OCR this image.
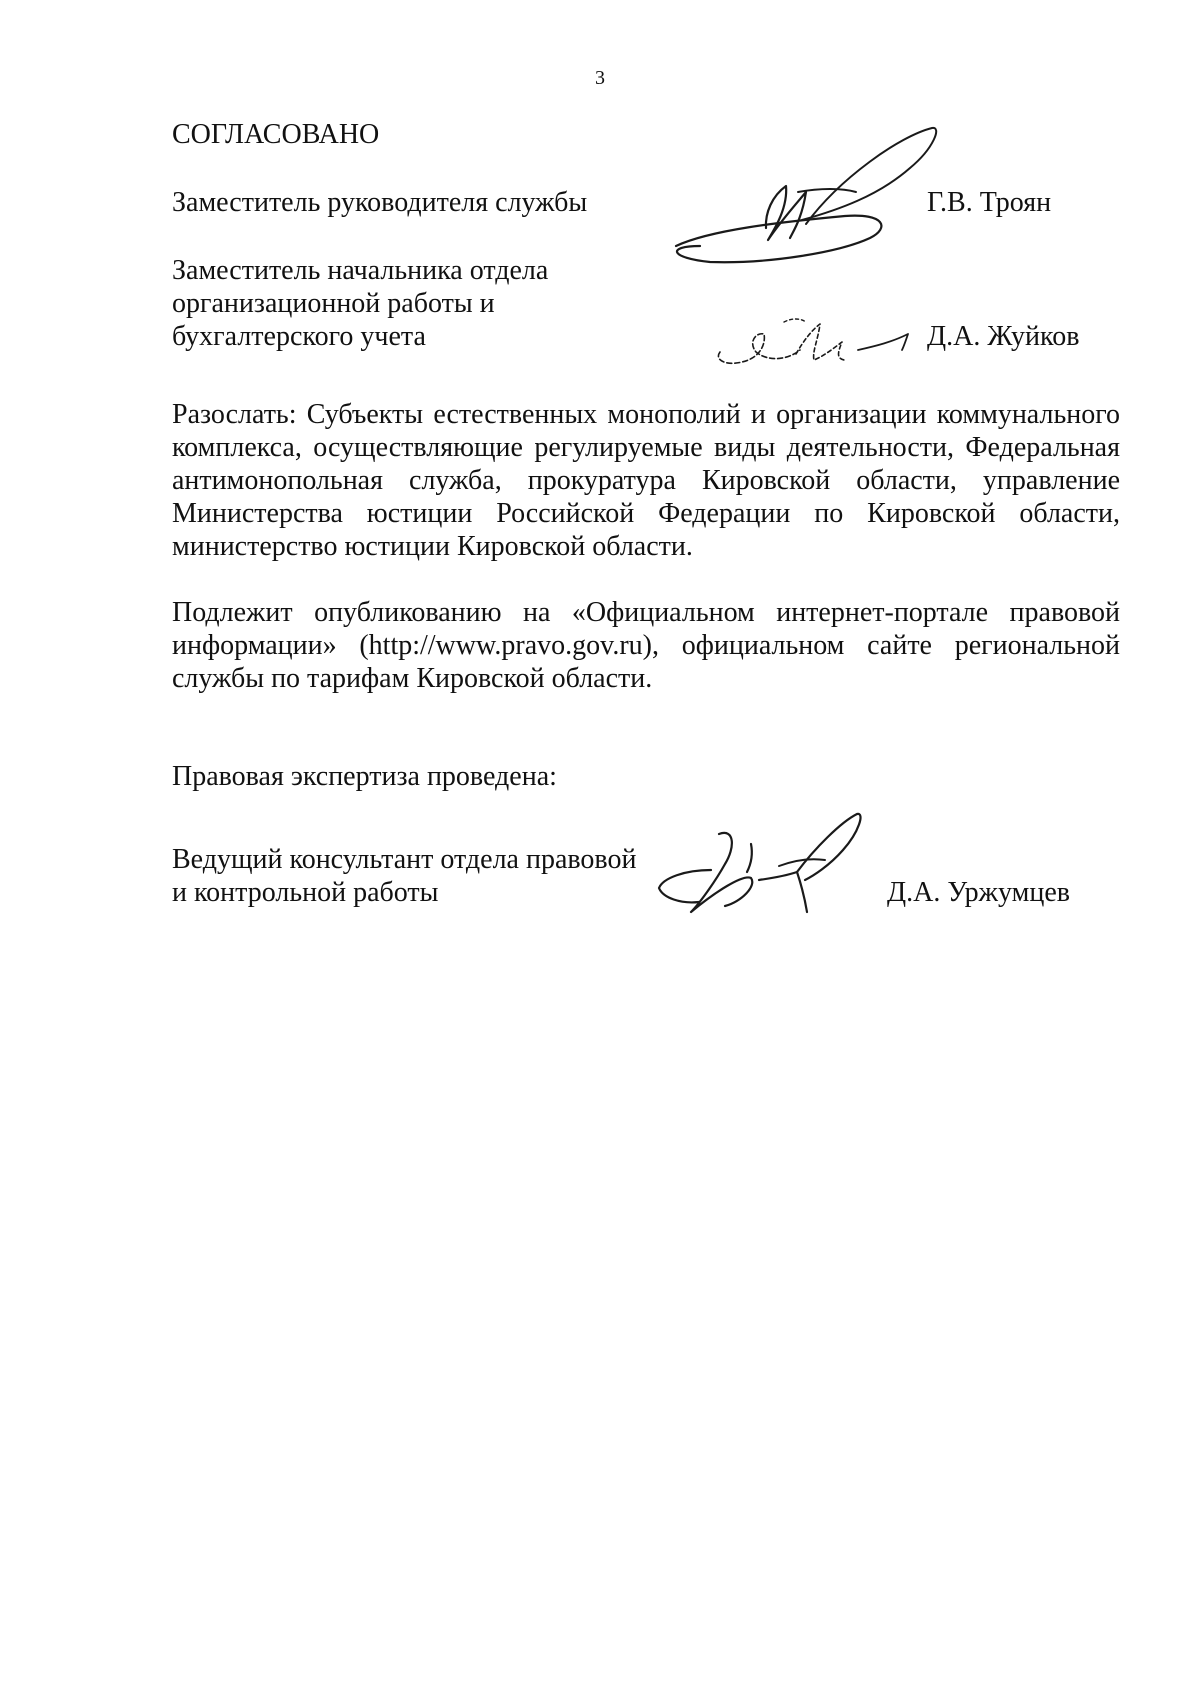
3
СОГЛАСОВАНО
Заместитель руководителя службы	Г.В. Троян
Заместитель начальника отдела
организационной работы и
бухгалтерского учета	Д.А. Жуйков

Разослать: Субъекты естественных монополий и организации коммунального комплекса, осуществляющие регулируемые виды деятельности, Федеральная антимонопольная служба, прокуратура Кировской области, управление Министерства юстиции Российской Федерации по Кировской области, министерство юстиции Кировской области.

Подлежит опубликованию на «Официальном интернет-портале правовой информации» (http://www.pravo.gov.ru), официальном сайте региональной службы по тарифам Кировской области.

Правовая экспертиза проведена:
Ведущий консультант отдела правовой
и контрольной работы	Д.А. Уржумцев
